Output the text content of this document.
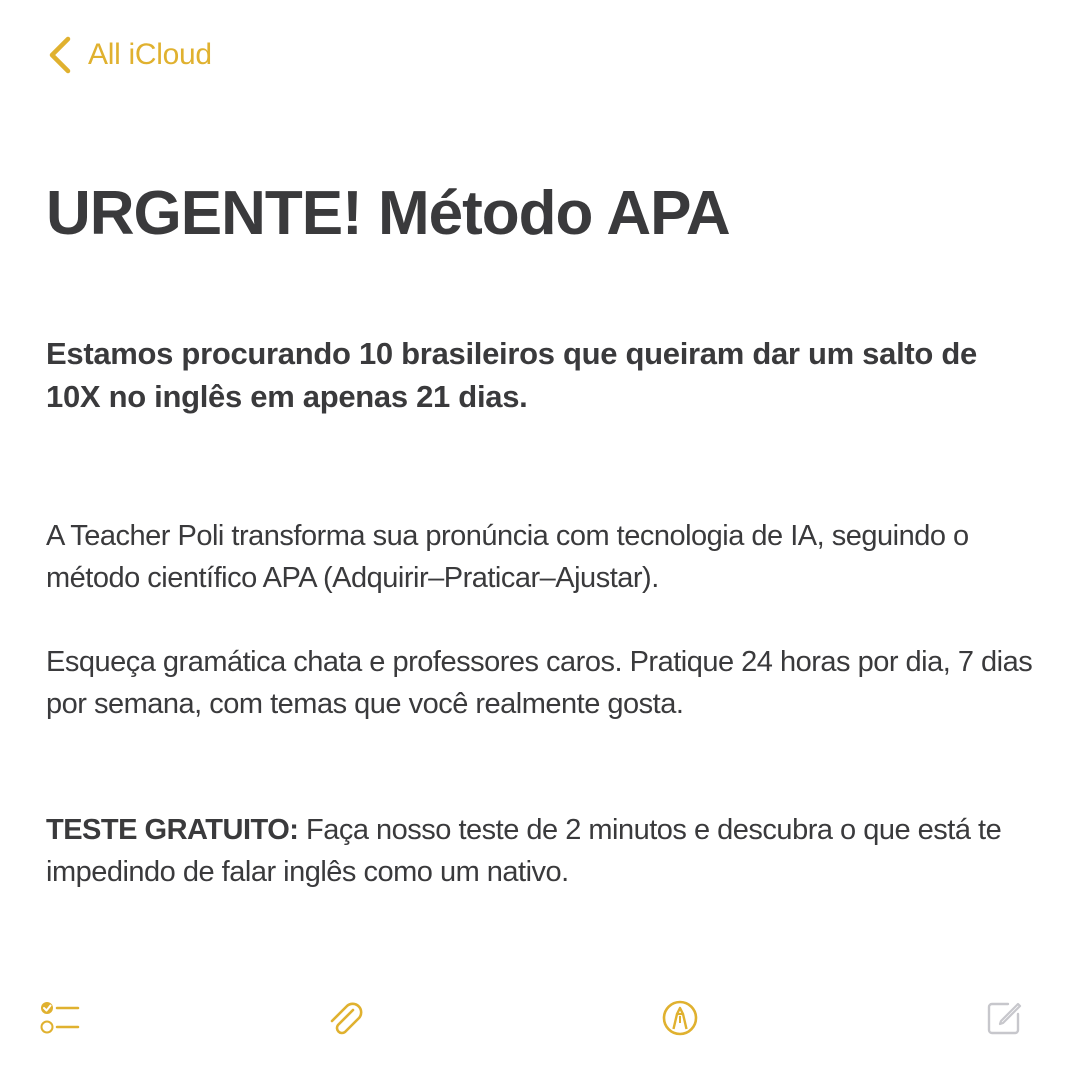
All iCloud
URGENTE! Método APA

Estamos procurando 10 brasileiros que queiram dar um salto de 10X no inglês em apenas 21 dias.

A Teacher Poli transforma sua pronúncia com tecnologia de IA, seguindo o método científico APA (Adquirir–Praticar–Ajustar).

Esqueça gramática chata e professores caros. Pratique 24 horas por dia, 7 dias por semana, com temas que você realmente gosta.

TESTE GRATUITO: Faça nosso teste de 2 minutos e descubra o que está te impedindo de falar inglês como um nativo.
